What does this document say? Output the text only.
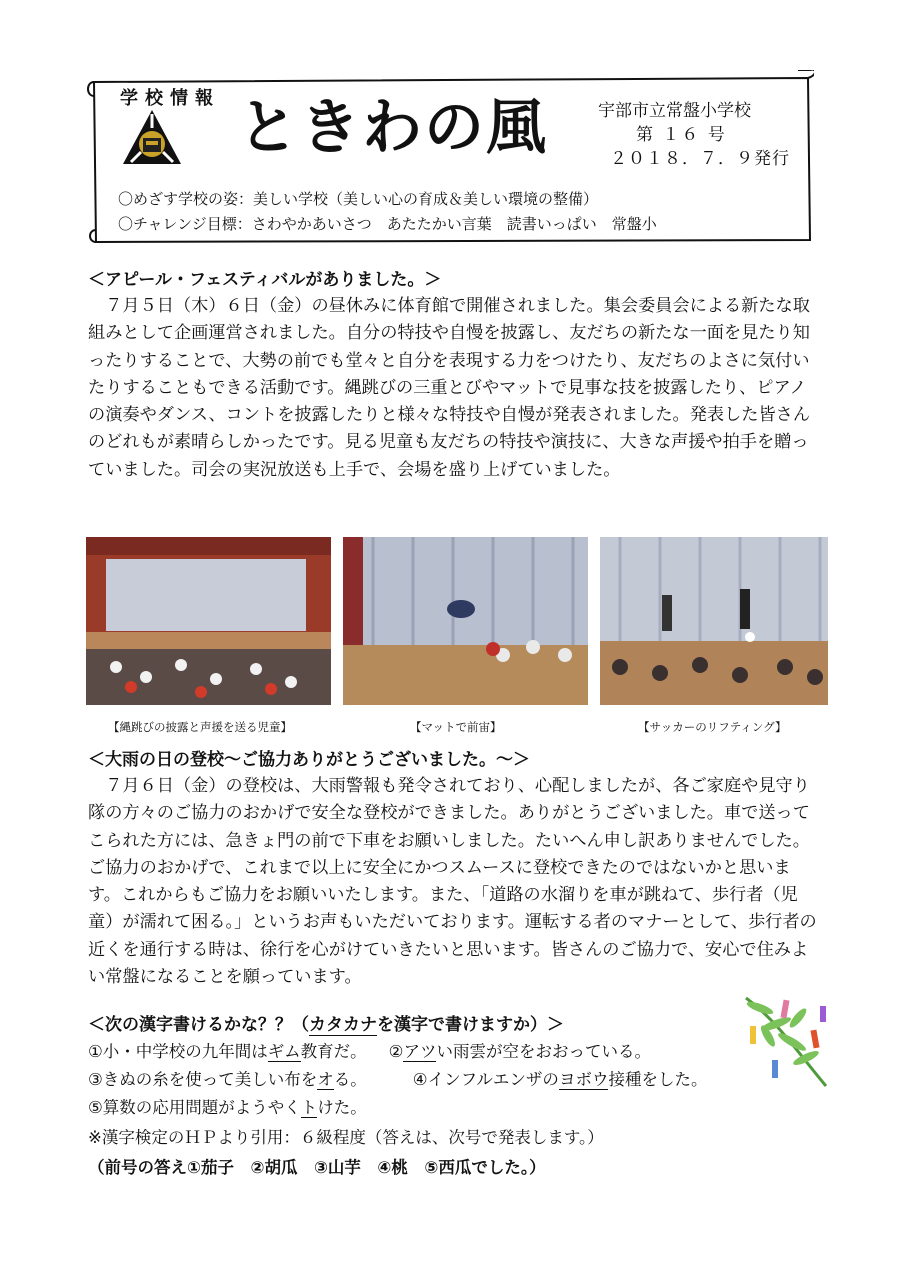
学校情報 ときわの風	宇部市立常盤小学校
第 １６ 号
２０１８．７．９発行
〇めざす学校の姿：美しい学校（美しい心の育成＆美しい環境の整備）
〇チャレンジ目標：さわやかあいさつ　あたたかい言葉　読書いっぱい　常盤小
＜アピール・フェスティバルがありました。＞

７月５日（木）６日（金）の昼休みに体育館で開催されました。集会委員会による新たな取組みとして企画運営されました。自分の特技や自慢を披露し、友だちの新たな一面を見たり知ったりすることで、大勢の前でも堂々と自分を表現する力をつけたり、友だちのよさに気付いたりすることもできる活動です。縄跳びの三重とびやマットで見事な技を披露したり、ピアノの演奏やダンス、コントを披露したりと様々な特技や自慢が発表されました。発表した皆さんのどれもが素晴らしかったです。見る児童も友だちの特技や演技に、大きな声援や拍手を贈っていました。司会の実況放送も上手で、会場を盛り上げていました。

【縄跳びの披露と声援を送る児童】	【マットで前宙】	【サッカーのリフティング】
＜大雨の日の登校～ご協力ありがとうございました。～＞

７月６日（金）の登校は、大雨警報も発令されており、心配しましたが、各ご家庭や見守り隊の方々のご協力のおかげで安全な登校ができました。ありがとうございました。車で送ってこられた方には、急きょ門の前で下車をお願いしました。たいへん申し訳ありませんでした。ご協力のおかげで、これまで以上に安全にかつスムースに登校できたのではないかと思います。これからもご協力をお願いいたします。また、「道路の水溜りを車が跳ねて、歩行者（児童）が濡れて困る。」というお声もいただいております。運転する者のマナーとして、歩行者の近くを通行する時は、徐行を心がけていきたいと思います。皆さんのご協力で、安心で住みよい常盤になることを願っています。

＜次の漢字書けるかな？？（カタカナを漢字で書けますか）＞
①小・中学校の九年間はギム教育だ。 ②アツい雨雲が空をおおっている。
③きぬの糸を使って美しい布をオる。	④インフルエンザのヨボウ接種をした。
⑤算数の応用問題がようやくトけた。
※漢字検定のＨＰより引用：６級程度（答えは、次号で発表します。）
（前号の答え①茄子　②胡瓜　③山芋　④桃　⑤西瓜でした。）
